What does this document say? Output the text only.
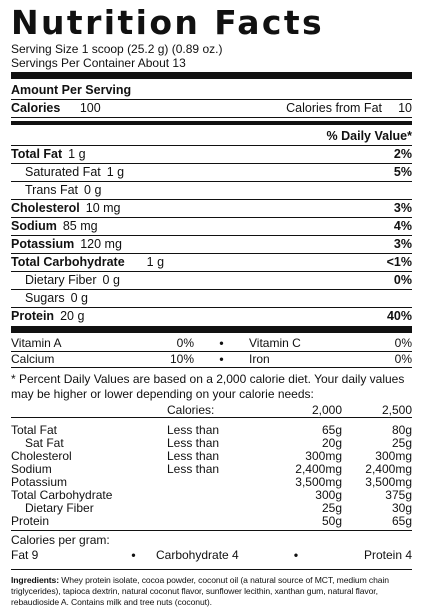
Nutrition Facts
Serving Size 1 scoop (25.2 g) (0.89 oz.)
Servings Per Container About 13
Amount Per Serving
Calories 100	Calories from Fat 10
% Daily Value*
Total Fat 1 g	2%
Saturated Fat 1 g	5%
Trans Fat 0 g
Cholesterol 10 mg	3%
Sodium 85 mg	4%
Potassium 120 mg	3%
Total Carbohydrate 1 g	<1%
Dietary Fiber 0 g	0%
Sugars 0 g
Protein 20 g	40%
Vitamin A	0%	•	Vitamin C	0%
Calcium	10%	•	Iron	0%
* Percent Daily Values are based on a 2,000 calorie diet. Your daily values may be higher or lower depending on your calorie needs:
	Calories:	2,000	2,500

Total Fat	Less than	65g	80g
Sat Fat	Less than	20g	25g
Cholesterol	Less than	300mg	300mg
Sodium	Less than	2,400mg	2,400mg
Potassium		3,500mg	3,500mg
Total Carbohydrate		300g	375g
Dietary Fiber		25g	30g
Protein		50g	65g
Calories per gram:
Fat 9	•	Carbohydrate 4	•	Protein 4
Ingredients: Whey protein isolate, cocoa powder, coconut oil (a natural source of MCT, medium chain triglycerides), tapioca dextrin, natural coconut flavor, sunflower lecithin, xanthan gum, natural flavor, rebaudioside A. Contains milk and tree nuts (coconut).
